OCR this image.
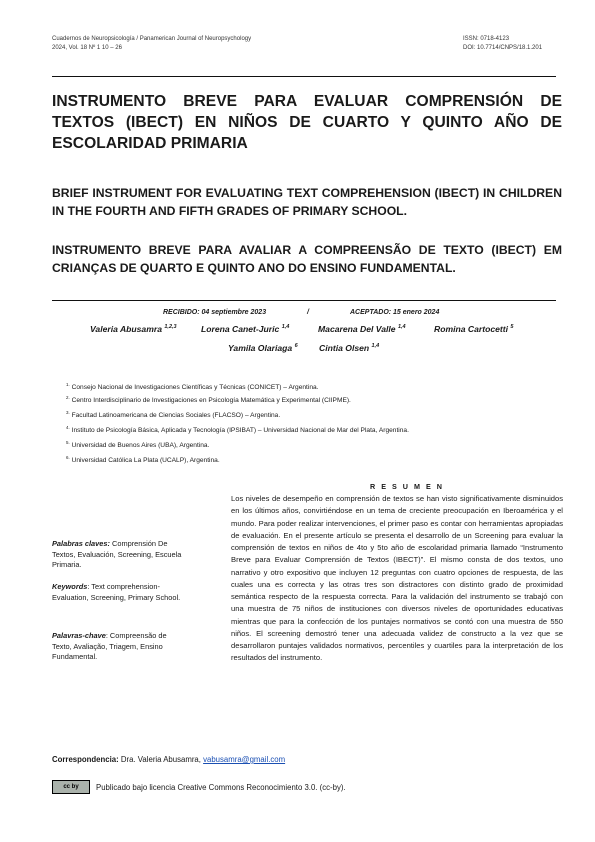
Cuadernos de Neuropsicología / Panamerican Journal of Neuropsychology
2024, Vol. 18 Nº 1 10 – 26
ISSN: 0718-4123
DOI: 10.7714/CNPS/18.1.201
INSTRUMENTO BREVE PARA EVALUAR COMPRENSIÓN DE TEXTOS (IBECT) EN NIÑOS DE CUARTO Y QUINTO AÑO DE ESCOLARIDAD PRIMARIA
BRIEF INSTRUMENT FOR EVALUATING TEXT COMPREHENSION (IBECT) IN CHILDREN IN THE FOURTH AND FIFTH GRADES OF PRIMARY SCHOOL.
INSTRUMENTO BREVE PARA AVALIAR A COMPREENSÃO DE TEXTO (IBECT) EM CRIANÇAS DE QUARTO E QUINTO ANO DO ENSINO FUNDAMENTAL.
RECIBIDO: 04 septiembre 2023	/	ACEPTADO: 15 enero 2024
Valeria Abusamra $^{1,2,3}$	Lorena Canet-Juric $^{1,4}$	Macarena Del Valle $^{1,4}$	Romina Cartocetti $^5$
Yamila Olariaga $^6$ Cintia Olsen $^{1,4}$
$^{1.}$ Consejo Nacional de Investigaciones Científicas y Técnicas (CONICET) – Argentina.
$^{2.}$ Centro Interdisciplinario de Investigaciones en Psicología Matemática y Experimental (CIIPME).
$^{3.}$ Facultad Latinoamericana de Ciencias Sociales (FLACSO) – Argentina.
$^{4.}$ Instituto de Psicología Básica, Aplicada y Tecnología (IPSIBAT) – Universidad Nacional de Mar del Plata, Argentina.
$^{5.}$ Universidad de Buenos Aires (UBA), Argentina.
$^{6.}$ Universidad Católica La Plata (UCALP), Argentina.
R E S U M E N
Los niveles de desempeño en comprensión de textos se han visto significativamente disminuidos en los últimos años, convirtiéndose en un tema de creciente preocupación en Iberoamérica y el mundo. Para poder realizar intervenciones, el primer paso es contar con herramientas apropiadas de evaluación. En el presente artículo se presenta el desarrollo de un Screening para evaluar la comprensión de textos en niños de 4to y 5to año de escolaridad primaria llamado “Instrumento Breve para Evaluar Comprensión de Textos (IBECT)”. El mismo consta de dos textos, uno narrativo y otro expositivo que incluyen 12 preguntas con cuatro opciones de respuesta, de las cuales una es correcta y las otras tres son distractores con distinto grado de proximidad semántica respecto de la respuesta correcta. Para la validación del instrumento se trabajó con una muestra de 75 niños de instituciones con diversos niveles de oportunidades educativas mientras que para la confección de los puntajes normativos se contó con una muestra de 550 niños. El screening demostró tener una adecuada validez de constructo a la vez que se desarrollaron puntajes validados normativos, percentiles y cuartiles para la interpretación de los resultados del instrumento.
Palabras claves: Comprensión De Textos, Evaluación, Screening, Escuela Primaria.
Keywords: Text comprehension- Evaluation, Screening, Primary School.
Palavras-chave: Compreensão de Texto, Avaliação, Triagem, Ensino Fundamental.
Correspondencia: Dra. Valeria Abusamra, vabusamra@gmail.com
cc by Publicado bajo licencia Creative Commons Reconocimiento 3.0. (cc-by).
